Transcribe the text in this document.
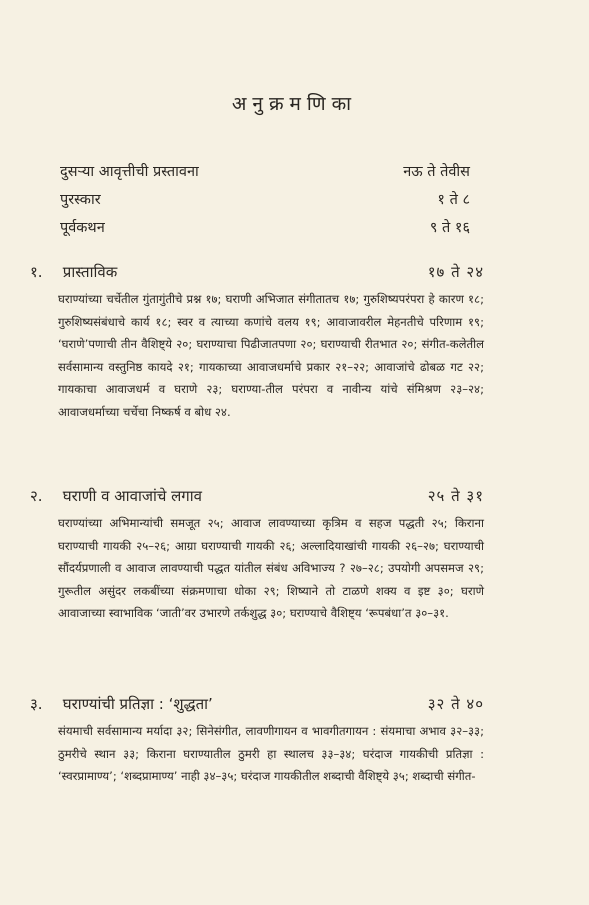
अनुक्रमणिका
दुसऱ्या आवृत्तीची प्रस्तावना	नऊ ते तेवीस
पुरस्कार	१ ते ८
पूर्वकथन	९ ते १६
१. प्रास्ताविक	१७ ते २४
घराण्यांच्या चर्चेतील गुंतागुंतीचे प्रश्न १७; घराणी अभिजात संगीतातच १७; गुरुशिष्यपरंपरा हे कारण १८; गुरुशिष्यसंबंधाचे कार्य १८; स्वर व त्याच्या कणांचे वलय १९; आवाजावरील मेहनतीचे परिणाम १९; ‘घराणे’पणाची तीन वैशिष्ट्ये २०; घराण्याचा पिढीजातपणा २०; घराण्याची रीतभात २०; संगीत-कलेतील सर्वसामान्य वस्तुनिष्ठ कायदे २१; गायकाच्या आवाजधर्माचे प्रकार २१–२२; आवाजांचे ढोबळ गट २२; गायकाचा आवाजधर्म व घराणे २३; घराण्या-तील परंपरा व नावीन्य यांचे संमिश्रण २३–२४; आवाजधर्माच्या चर्चेचा निष्कर्ष व बोध २४.
२. घराणी व आवाजांचे लगाव	२५ ते ३१
घराण्यांच्या अभिमान्यांची समजूत २५; आवाज लावण्याच्या कृत्रिम व सहज पद्धती २५; किराना घराण्याची गायकी २५–२६; आग्रा घराण्याची गायकी २६; अल्लादियाखांची गायकी २६–२७; घराण्याची सौंदर्यप्रणाली व आवाज लावण्याची पद्धत यांतील संबंध अविभाज्य ? २७–२८; उपयोगी अपसमज २९; गुरूतील असुंदर लकबींच्या संक्रमणाचा धोका २९; शिष्याने तो टाळणे शक्य व इष्ट ३०; घराणे आवाजाच्या स्वाभाविक ‘जाती’वर उभारणे तर्कशुद्ध ३०; घराण्याचे वैशिष्ट्य ‘रूपबंधा’त ३०–३१.
३. घराण्यांची प्रतिज्ञा : ‘शुद्धता’	३२ ते ४०
संयमाची सर्वसामान्य मर्यादा ३२; सिनेसंगीत, लावणीगायन व भावगीतगायन : संयमाचा अभाव ३२–३३; ठुमरीचे स्थान ३३; किराना घराण्यातील ठुमरी हा स्थालच ३३–३४; घरंदाज गायकीची प्रतिज्ञा : ‘स्वरप्रामाण्य’; ‘शब्दप्रामाण्य’ नाही ३४–३५; घरंदाज गायकीतील शब्दाची वैशिष्ट्ये ३५; शब्दाची संगीत-
